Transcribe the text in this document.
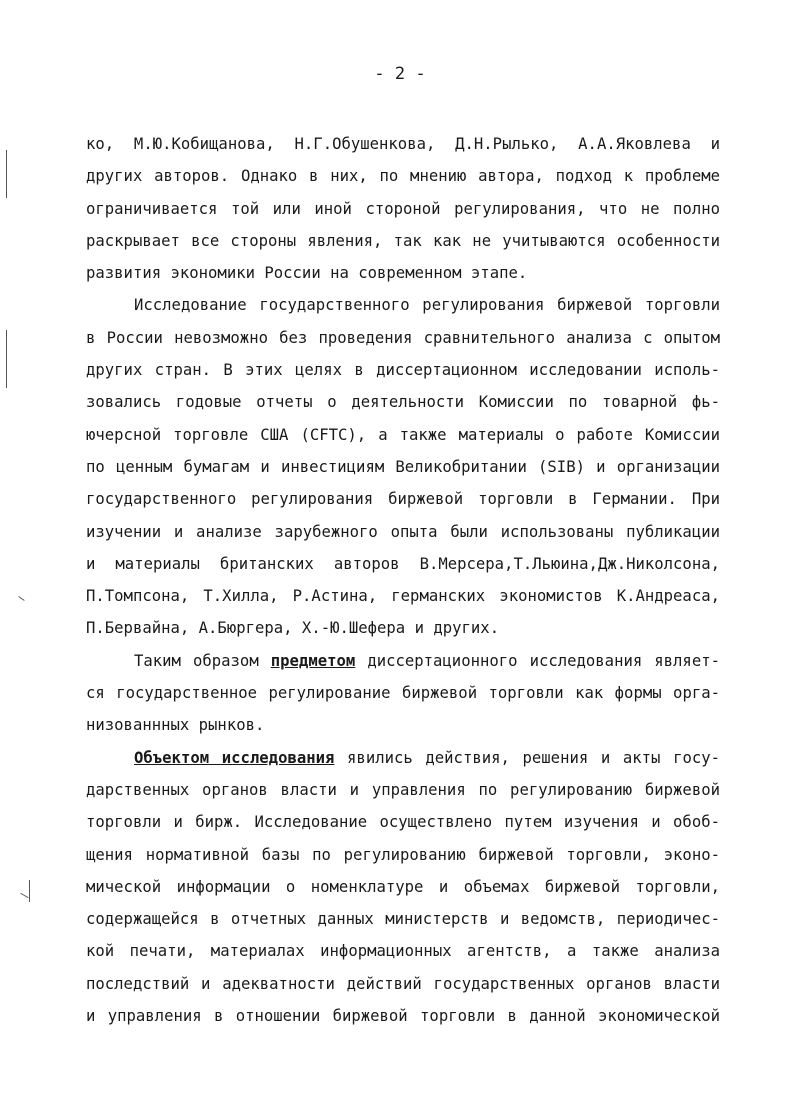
- 2 -
ко, М.Ю.Кобищанова, Н.Г.Обушенкова, Д.Н.Рылько, А.А.Яковлева и
других авторов. Однако в них, по мнению автора, подход к проблеме
ограничивается той или иной стороной регулирования, что не полно
раскрывает все стороны явления, так как не учитываются особенности
развития экономики России на современном этапе.
Исследование государственного регулирования биржевой торговли
в России невозможно без проведения сравнительного анализа с опытом
других стран. В этих целях в диссертационном исследовании исполь-
зовались годовые отчеты о деятельности Комиссии по товарной фь-
ючерсной торговле США (CFTC), а также материалы о работе Комиссии
по ценным бумагам и инвестициям Великобритании (SIB) и организации
государственного регулирования биржевой торговли в Германии. При
изучении и анализе зарубежного опыта были использованы публикации
и материалы британских авторов В.Мерсера,Т.Льюина,Дж.Николсона,
П.Томпсона, Т.Хилла, Р.Астина, германских экономистов К.Андреаса,
П.Бервайна, А.Бюргера, Х.-Ю.Шефера и других.
Таким образом предметом диссертационного исследования являет-
ся государственное регулирование биржевой торговли как формы орга-
низованнных рынков.
Объектом исследования явились действия, решения и акты госу-
дарственных органов власти и управления по регулированию биржевой
торговли и бирж. Исследование осуществлено путем изучения и обоб-
щения нормативной базы по регулированию биржевой торговли, эконо-
мической информации о номенклатуре и объемах биржевой торговли,
содержащейся в отчетных данных министерств и ведомств, периодичес-
кой печати, материалах информационных агентств, а также анализа
последствий и адекватности действий государственных органов власти
и управления в отношении биржевой торговли в данной экономической
